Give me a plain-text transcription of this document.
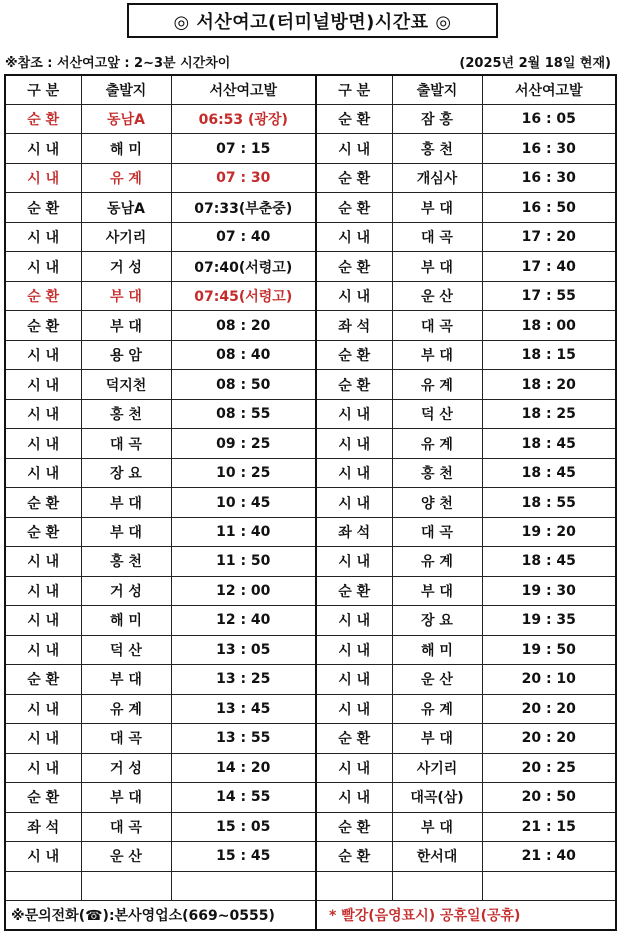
◎ 서산여고(터미널방면)시간표 ◎
※참조 : 서산여고앞 : 2∼3분 시간차이	(2025년 2월 18일 현재)
구 분	출발지	서산여고발	구 분	출발지	서산여고발
순 환	동남A	06:53 (광장)	순 환	잠 홍	16 : 05
시 내	해 미	07 : 15	시 내	홍 천	16 : 30
시 내	유 계	07 : 30	순 환	개심사	16 : 30
순 환	동남A	07:33(부춘중)	순 환	부 대	16 : 50
시 내	사기리	07 : 40	시 내	대 곡	17 : 20
시 내	거 성	07:40(서령고)	순 환	부 대	17 : 40
순 환	부 대	07:45(서령고)	시 내	운 산	17 : 55
순 환	부 대	08 : 20	좌 석	대 곡	18 : 00
시 내	용 암	08 : 40	순 환	부 대	18 : 15
시 내	덕지천	08 : 50	순 환	유 계	18 : 20
시 내	홍 천	08 : 55	시 내	덕 산	18 : 25
시 내	대 곡	09 : 25	시 내	유 계	18 : 45
시 내	장 요	10 : 25	시 내	홍 천	18 : 45
순 환	부 대	10 : 45	시 내	양 천	18 : 55
순 환	부 대	11 : 40	좌 석	대 곡	19 : 20
시 내	홍 천	11 : 50	시 내	유 계	18 : 45
시 내	거 성	12 : 00	순 환	부 대	19 : 30
시 내	해 미	12 : 40	시 내	장 요	19 : 35
시 내	덕 산	13 : 05	시 내	해 미	19 : 50
순 환	부 대	13 : 25	시 내	운 산	20 : 10
시 내	유 계	13 : 45	시 내	유 계	20 : 20
시 내	대 곡	13 : 55	순 환	부 대	20 : 20
시 내	거 성	14 : 20	시 내	사기리	20 : 25
순 환	부 대	14 : 55	시 내	대곡(삼)	20 : 50
좌 석	대 곡	15 : 05	순 환	부 대	21 : 15
시 내	운 산	15 : 45	순 환	한서대	21 : 40

※문의전화(☎):본사영업소(669∼0555)			* 빨강(음영표시) 공휴일(공휴)		
